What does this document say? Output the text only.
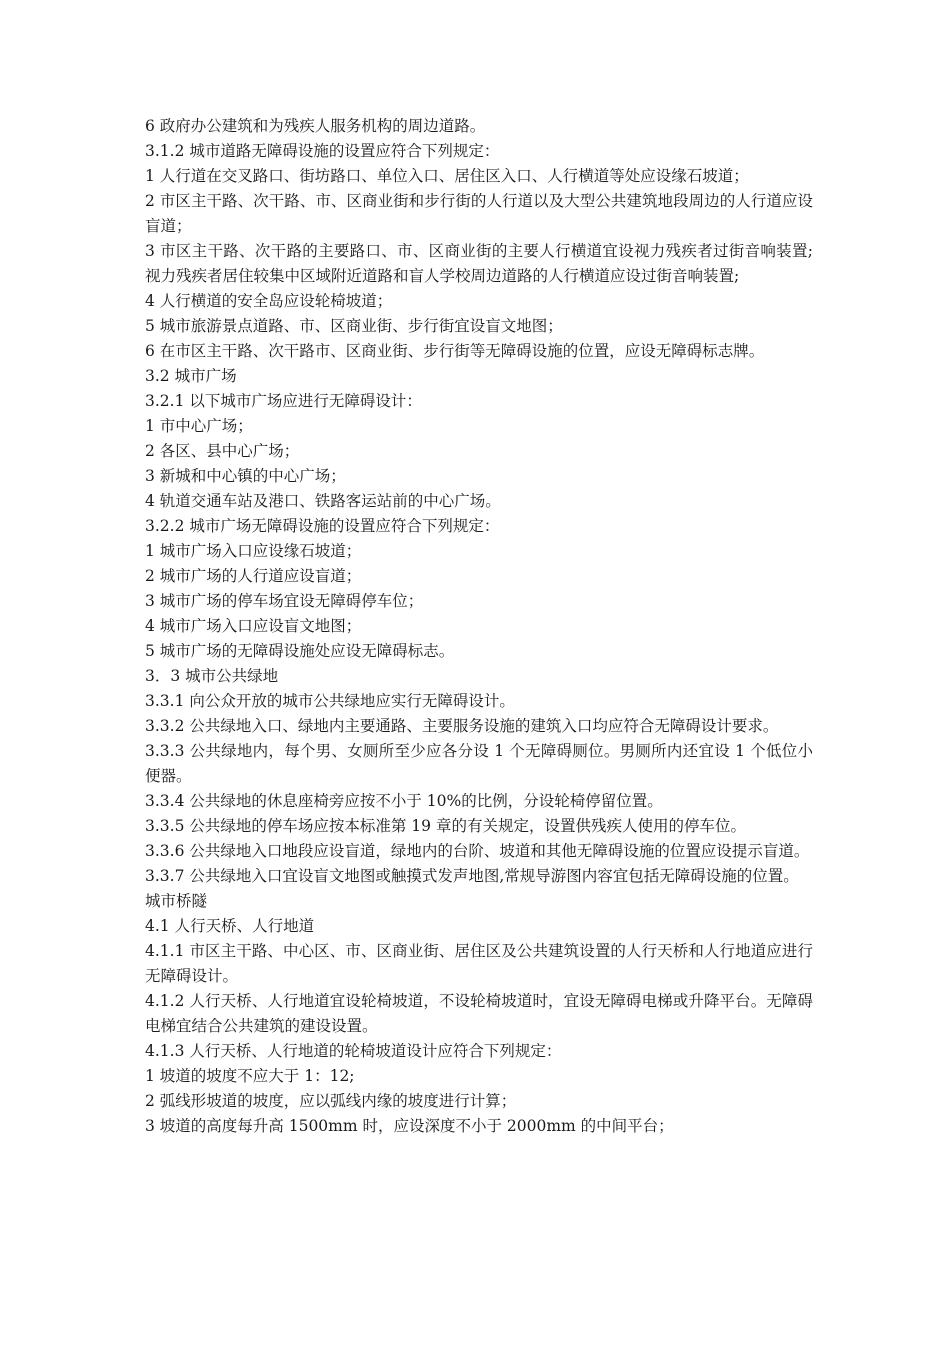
6 政府办公建筑和为残疾人服务机构的周边道路。

3.1.2 城市道路无障碍设施的设置应符合下列规定：

1 人行道在交叉路口、街坊路口、单位入口、居住区入口、人行横道等处应设缘石坡道；

2 市区主干路、次干路、市、区商业街和步行街的人行道以及大型公共建筑地段周边的人行道应设盲道；

3 市区主干路、次干路的主要路口、市、区商业街的主要人行横道宜设视力残疾者过街音响装置;视力残疾者居住较集中区域附近道路和盲人学校周边道路的人行横道应设过街音响装置;

4 人行横道的安全岛应设轮椅坡道；

5 城市旅游景点道路、市、区商业街、步行街宜设盲文地图；

6 在市区主干路、次干路市、区商业街、步行街等无障碍设施的位置，应设无障碍标志牌。

3.2 城市广场

3.2.1 以下城市广场应进行无障碍设计：

1 市中心广场；

2 各区、县中心广场；

3 新城和中心镇的中心广场；

4 轨道交通车站及港口、铁路客运站前的中心广场。

3.2.2 城市广场无障碍设施的设置应符合下列规定：

1 城市广场入口应设缘石坡道；

2 城市广场的人行道应设盲道；

3 城市广场的停车场宜设无障碍停车位；

4 城市广场入口应设盲文地图；

5 城市广场的无障碍设施处应设无障碍标志。

3．3 城市公共绿地

3.3.1 向公众开放的城市公共绿地应实行无障碍设计。

3.3.2 公共绿地入口、绿地内主要通路、主要服务设施的建筑入口均应符合无障碍设计要求。

3.3.3 公共绿地内，每个男、女厕所至少应各分设 1 个无障碍厕位。男厕所内还宜设 1 个低位小便器。

3.3.4 公共绿地的休息座椅旁应按不小于 10%的比例，分设轮椅停留位置。

3.3.5 公共绿地的停车场应按本标准第 19 章的有关规定，设置供残疾人使用的停车位。

3.3.6 公共绿地入口地段应设盲道，绿地内的台阶、坡道和其他无障碍设施的位置应设提示盲道。

3.3.7 公共绿地入口宜设盲文地图或触摸式发声地图,常规导游图内容宜包括无障碍设施的位置。

城市桥隧

4.1 人行天桥、人行地道

4.1.1 市区主干路、中心区、市、区商业街、居住区及公共建筑设置的人行天桥和人行地道应进行无障碍设计。

4.1.2 人行天桥、人行地道宜设轮椅坡道，不设轮椅坡道时，宜设无障碍电梯或升降平台。无障碍电梯宜结合公共建筑的建设设置。

4.1.3 人行天桥、人行地道的轮椅坡道设计应符合下列规定：

1 坡道的坡度不应大于 1：12;

2 弧线形坡道的坡度，应以弧线内缘的坡度进行计算；

3 坡道的高度每升高 1500mm 时，应设深度不小于 2000mm 的中间平台；
